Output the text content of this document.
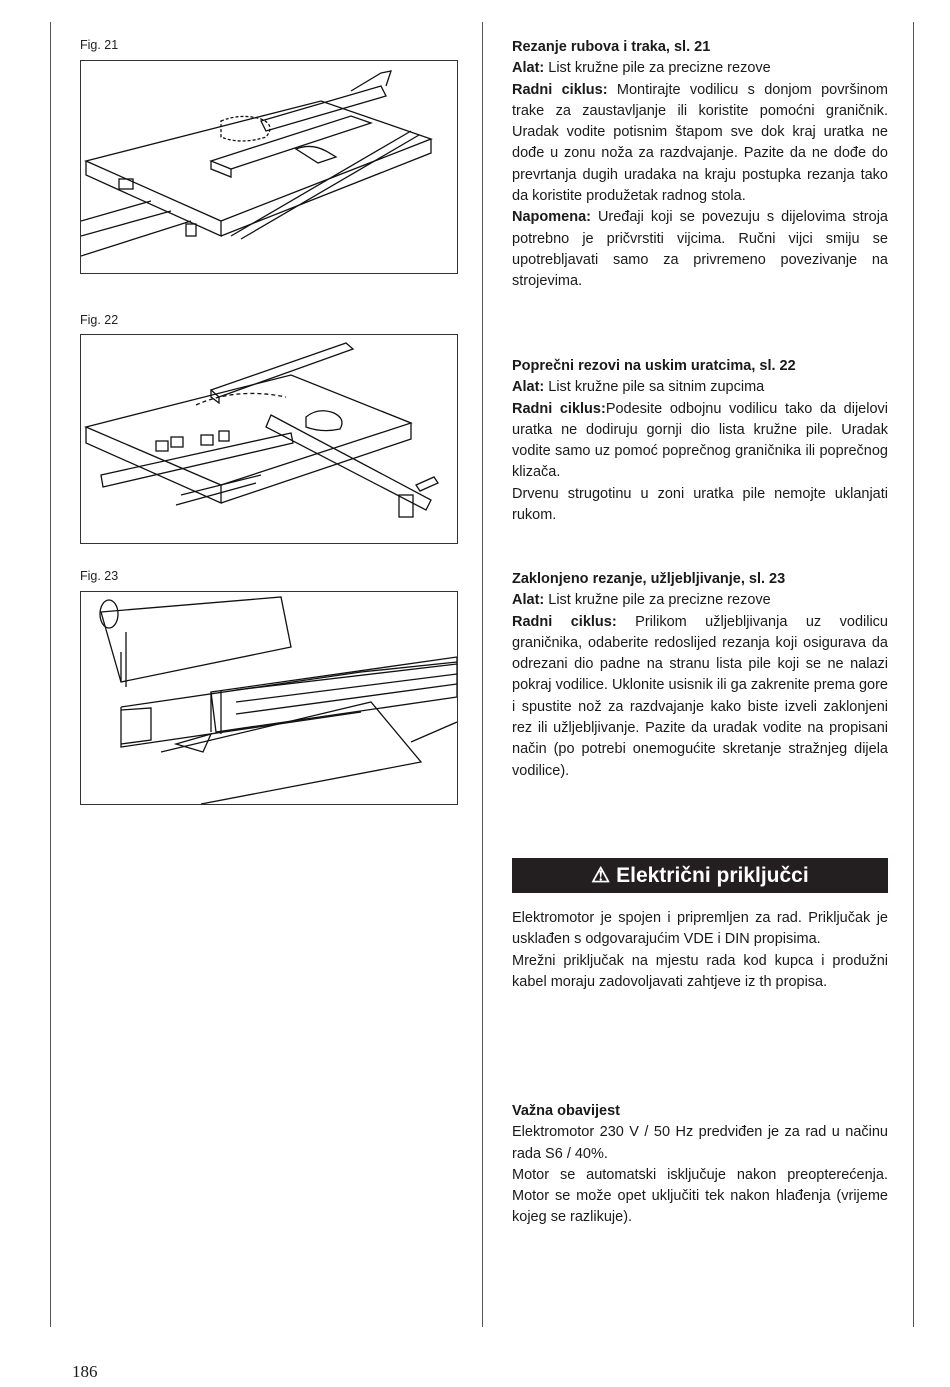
Fig. 21
Fig. 22
Fig. 23

Rezanje rubova i traka, sl. 21

Alat: List kružne pile za precizne rezove

Radni ciklus: Montirajte vodilicu s donjom površinom trake za zaustavljanje ili koristite pomoćni graničnik. Uradak vodite potisnim štapom sve dok kraj uratka ne dođe u zonu noža za razdvajanje. Pazite da ne dođe do prevrtanja dugih uradaka na kraju postupka rezanja tako da koristite produžetak radnog stola.

Napomena: Uređaji koji se povezuju s dijelovima stroja potrebno je pričvrstiti vijcima. Ručni vijci smiju se upotrebljavati samo za privremeno povezivanje na strojevima.

Poprečni rezovi na uskim uratcima, sl. 22

Alat: List kružne pile sa sitnim zupcima

Radni ciklus:Podesite odbojnu vodilicu tako da dijelovi uratka ne dodiruju gornji dio lista kružne pile. Uradak vodite samo uz pomoć poprečnog graničnika ili poprečnog klizača.

Drvenu strugotinu u zoni uratka pile nemojte uklanjati rukom.

Zaklonjeno rezanje, užljebljivanje, sl. 23

Alat: List kružne pile za precizne rezove

Radni ciklus: Prilikom užljebljivanja uz vodilicu graničnika, odaberite redoslijed rezanja koji osigurava da odrezani dio padne na stranu lista pile koji se ne nalazi pokraj vodilice. Uklonite usisnik ili ga zakrenite prema gore i spustite nož za razdvajanje kako biste izveli zaklonjeni rez ili užljebljivanje. Pazite da uradak vodite na propisani način (po potrebi onemogućite skretanje stražnjeg dijela vodilice).

⚠ Električni priključci

Elektromotor je spojen i pripremljen za rad. Priključak je usklađen s odgovarajućim VDE i DIN propisima.

Mrežni priključak na mjestu rada kod kupca i produžni kabel moraju zadovoljavati zahtjeve iz th propisa.

Važna obavijest

Elektromotor 230 V / 50 Hz predviđen je za rad u načinu rada S6 / 40%.

Motor se automatski isključuje nakon preopterećenja. Motor se može opet uključiti tek nakon hlađenja (vrijeme kojeg se razlikuje).

186
